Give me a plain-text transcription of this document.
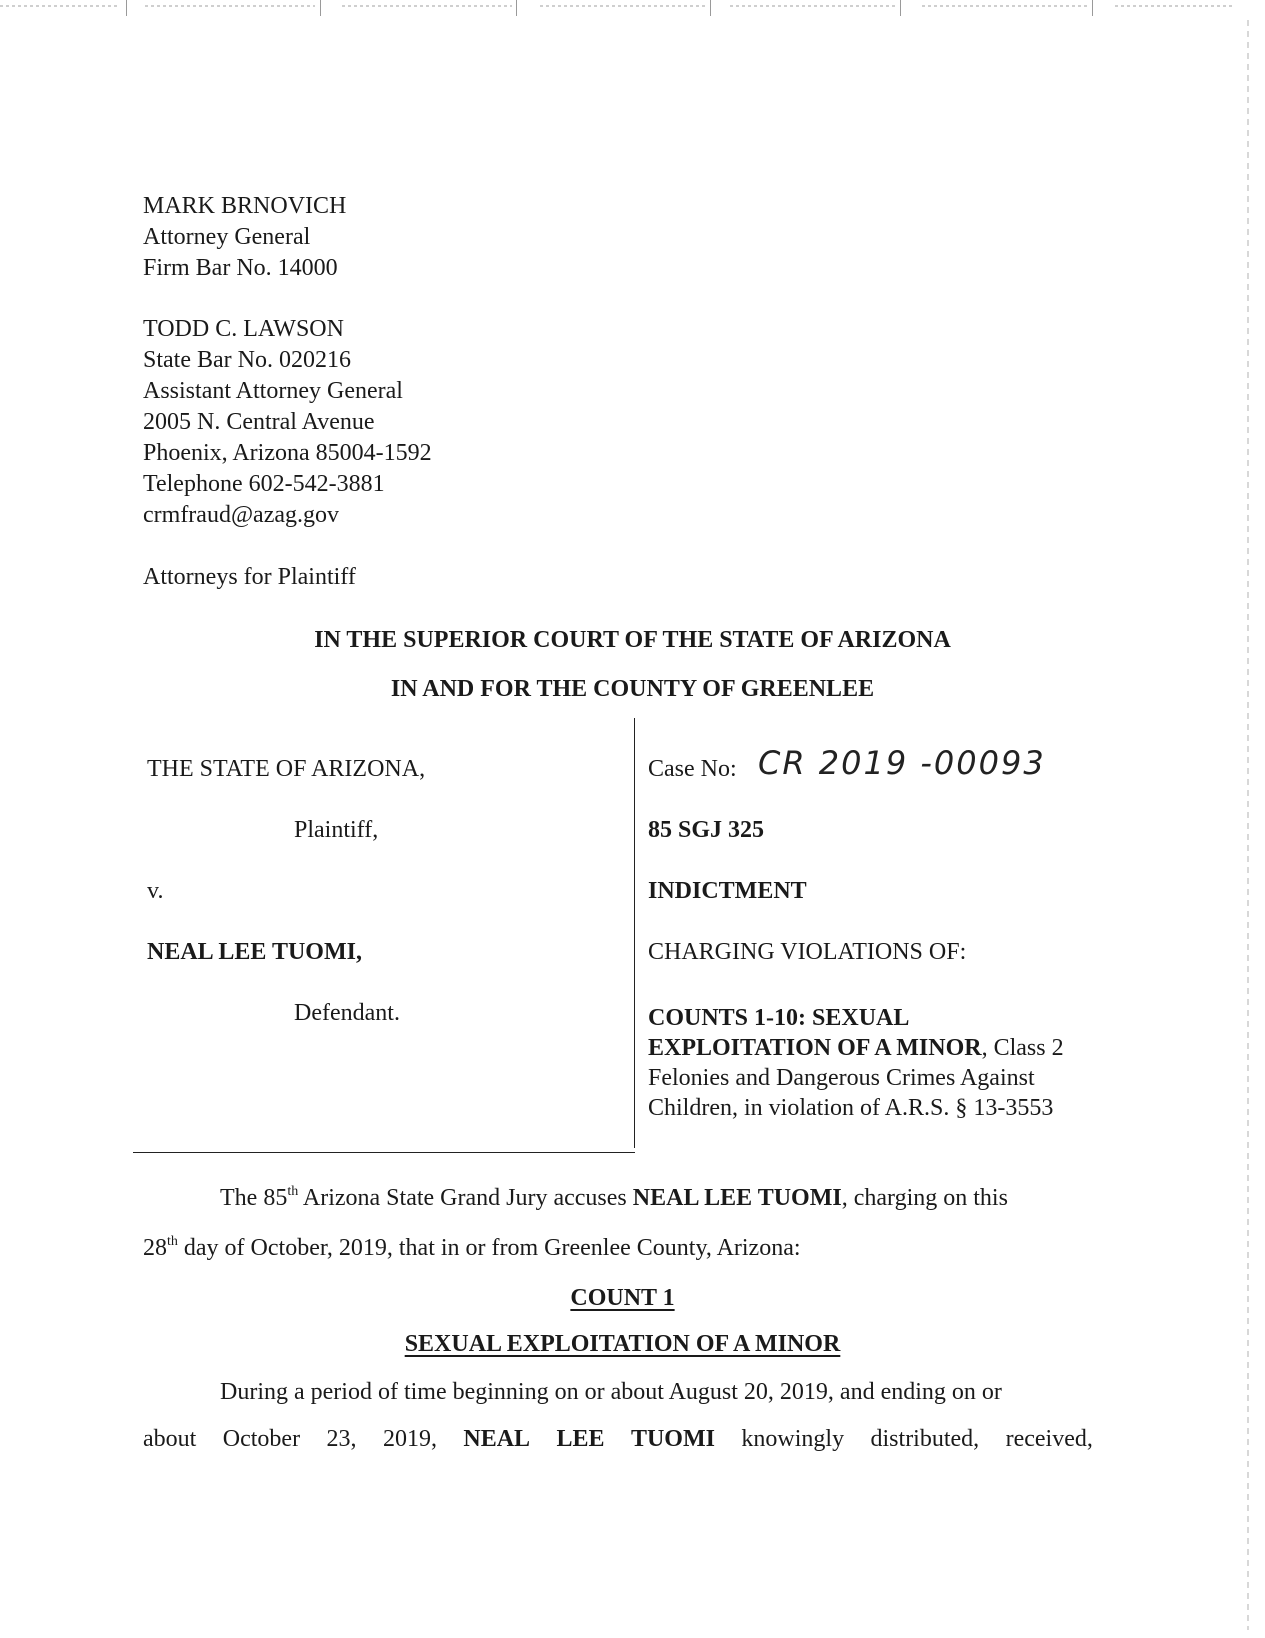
MARK BRNOVICH
Attorney General
Firm Bar No. 14000
TODD C. LAWSON
State Bar No. 020216
Assistant Attorney General
2005 N. Central Avenue
Phoenix, Arizona 85004-1592
Telephone 602-542-3881
crmfraud@azag.gov
Attorneys for Plaintiff
IN THE SUPERIOR COURT OF THE STATE OF ARIZONA
IN AND FOR THE COUNTY OF GREENLEE
THE STATE OF ARIZONA,
Plaintiff,
v.
NEAL LEE TUOMI,
Defendant.
Case No: CR 2019 -00093
85 SGJ 325
INDICTMENT
CHARGING VIOLATIONS OF:
COUNTS 1-10: SEXUAL
EXPLOITATION OF A MINOR, Class 2
Felonies and Dangerous Crimes Against
Children, in violation of A.R.S. § 13-3553
The 85th Arizona State Grand Jury accuses NEAL LEE TUOMI, charging on this
28th day of October, 2019, that in or from Greenlee County, Arizona:
COUNT 1
SEXUAL EXPLOITATION OF A MINOR
During a period of time beginning on or about August 20, 2019, and ending on or
about October 23, 2019, NEAL LEE TUOMI knowingly distributed, received,
